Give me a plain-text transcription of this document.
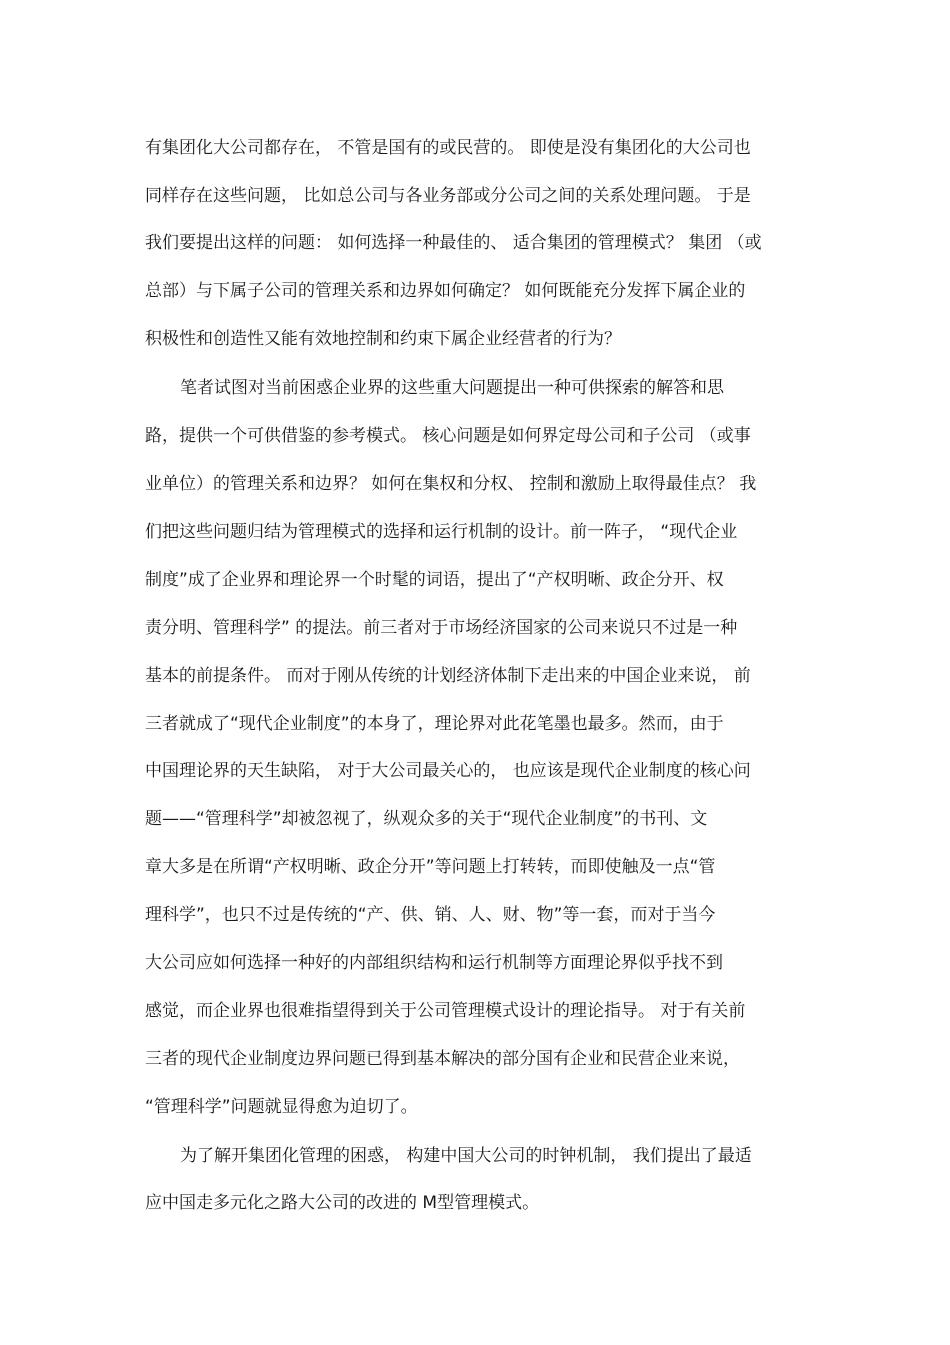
有集团化大公司都存在， 不管是国有的或民营的。 即使是没有集团化的大公司也
同样存在这些问题， 比如总公司与各业务部或分公司之间的关系处理问题。 于是
我们要提出这样的问题： 如何选择一种最佳的、 适合集团的管理模式？ 集团 （或
总部）与下属子公司的管理关系和边界如何确定？ 如何既能充分发挥下属企业的
积极性和创造性又能有效地控制和约束下属企业经营者的行为？
笔者试图对当前困惑企业界的这些重大问题提出一种可供探索的解答和思
路，提供一个可供借鉴的参考模式。 核心问题是如何界定母公司和子公司 （或事
业单位）的管理关系和边界？ 如何在集权和分权、 控制和激励上取得最佳点？ 我
们把这些问题归结为管理模式的选择和运行机制的设计。前一阵子， “现代企业
制度”成了企业界和理论界一个时髦的词语，提出了“产权明晰、政企分开、权
责分明、管理科学” 的提法。前三者对于市场经济国家的公司来说只不过是一种
基本的前提条件。 而对于刚从传统的计划经济体制下走出来的中国企业来说， 前
三者就成了“现代企业制度”的本身了，理论界对此花笔墨也最多。然而，由于
中国理论界的天生缺陷， 对于大公司最关心的， 也应该是现代企业制度的核心问
题——“管理科学”却被忽视了，纵观众多的关于“现代企业制度”的书刊、文
章大多是在所谓“产权明晰、政企分开”等问题上打转转，而即使触及一点“管
理科学”，也只不过是传统的“产、供、销、人、财、物”等一套，而对于当今
大公司应如何选择一种好的内部组织结构和运行机制等方面理论界似乎找不到
感觉，而企业界也很难指望得到关于公司管理模式设计的理论指导。 对于有关前
三者的现代企业制度边界问题已得到基本解决的部分国有企业和民营企业来说，
“管理科学”问题就显得愈为迫切了。
为了解开集团化管理的困惑， 构建中国大公司的时钟机制， 我们提出了最适
应中国走多元化之路大公司的改进的 M型管理模式。
